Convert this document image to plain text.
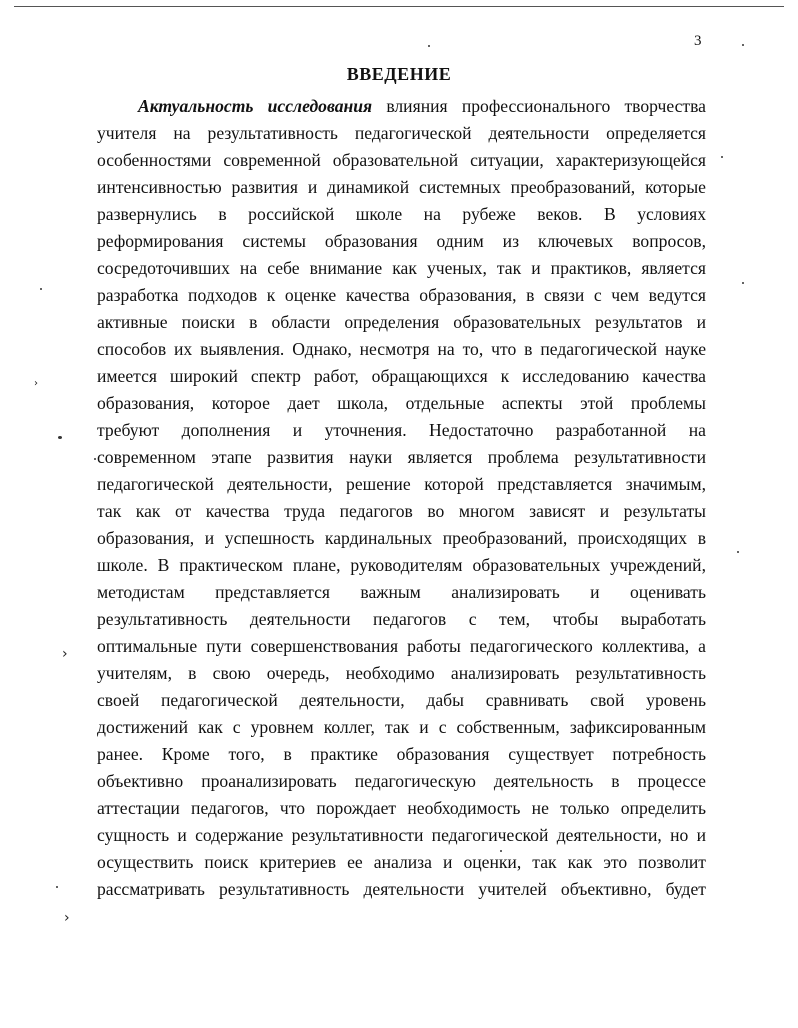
3
ВВЕДЕНИЕ
Актуальность исследования влияния профессионального творчества
учителя на результативность педагогической деятельности определяется
особенностями современной образовательной ситуации, характеризующейся
интенсивностью развития и динамикой системных преобразований, которые
развернулись в российской школе на рубеже веков. В условиях
реформирования системы образования одним из ключевых вопросов,
сосредоточивших на себе внимание как ученых, так и практиков, является
разработка подходов к оценке качества образования, в связи с чем ведутся
активные поиски в области определения образовательных результатов и
способов их выявления. Однако, несмотря на то, что в педагогической науке
имеется широкий спектр работ, обращающихся к исследованию качества
образования, которое дает школа, отдельные аспекты этой проблемы
требуют дополнения и уточнения. Недостаточно разработанной на
современном этапе развития науки является проблема результативности
педагогической деятельности, решение которой представляется значимым,
так как от качества труда педагогов во многом зависят и результаты
образования, и успешность кардинальных преобразований, происходящих в
школе. В практическом плане, руководителям образовательных учреждений,
методистам представляется важным анализировать и оценивать
результативность деятельности педагогов с тем, чтобы выработать
оптимальные пути совершенствования работы педагогического коллектива, а
учителям, в свою очередь, необходимо анализировать результативность
своей педагогической деятельности, дабы сравнивать свой уровень
достижений как с уровнем коллег, так и с собственным, зафиксированным
ранее. Кроме того, в практике образования существует потребность
объективно проанализировать педагогическую деятельность в процессе
аттестации педагогов, что порождает необходимость не только определить
сущность и содержание результативности педагогической деятельности, но и
осуществить поиск критериев ее анализа и оценки, так как это позволит
рассматривать результативность деятельности учителей объективно, будет
›
›
›
